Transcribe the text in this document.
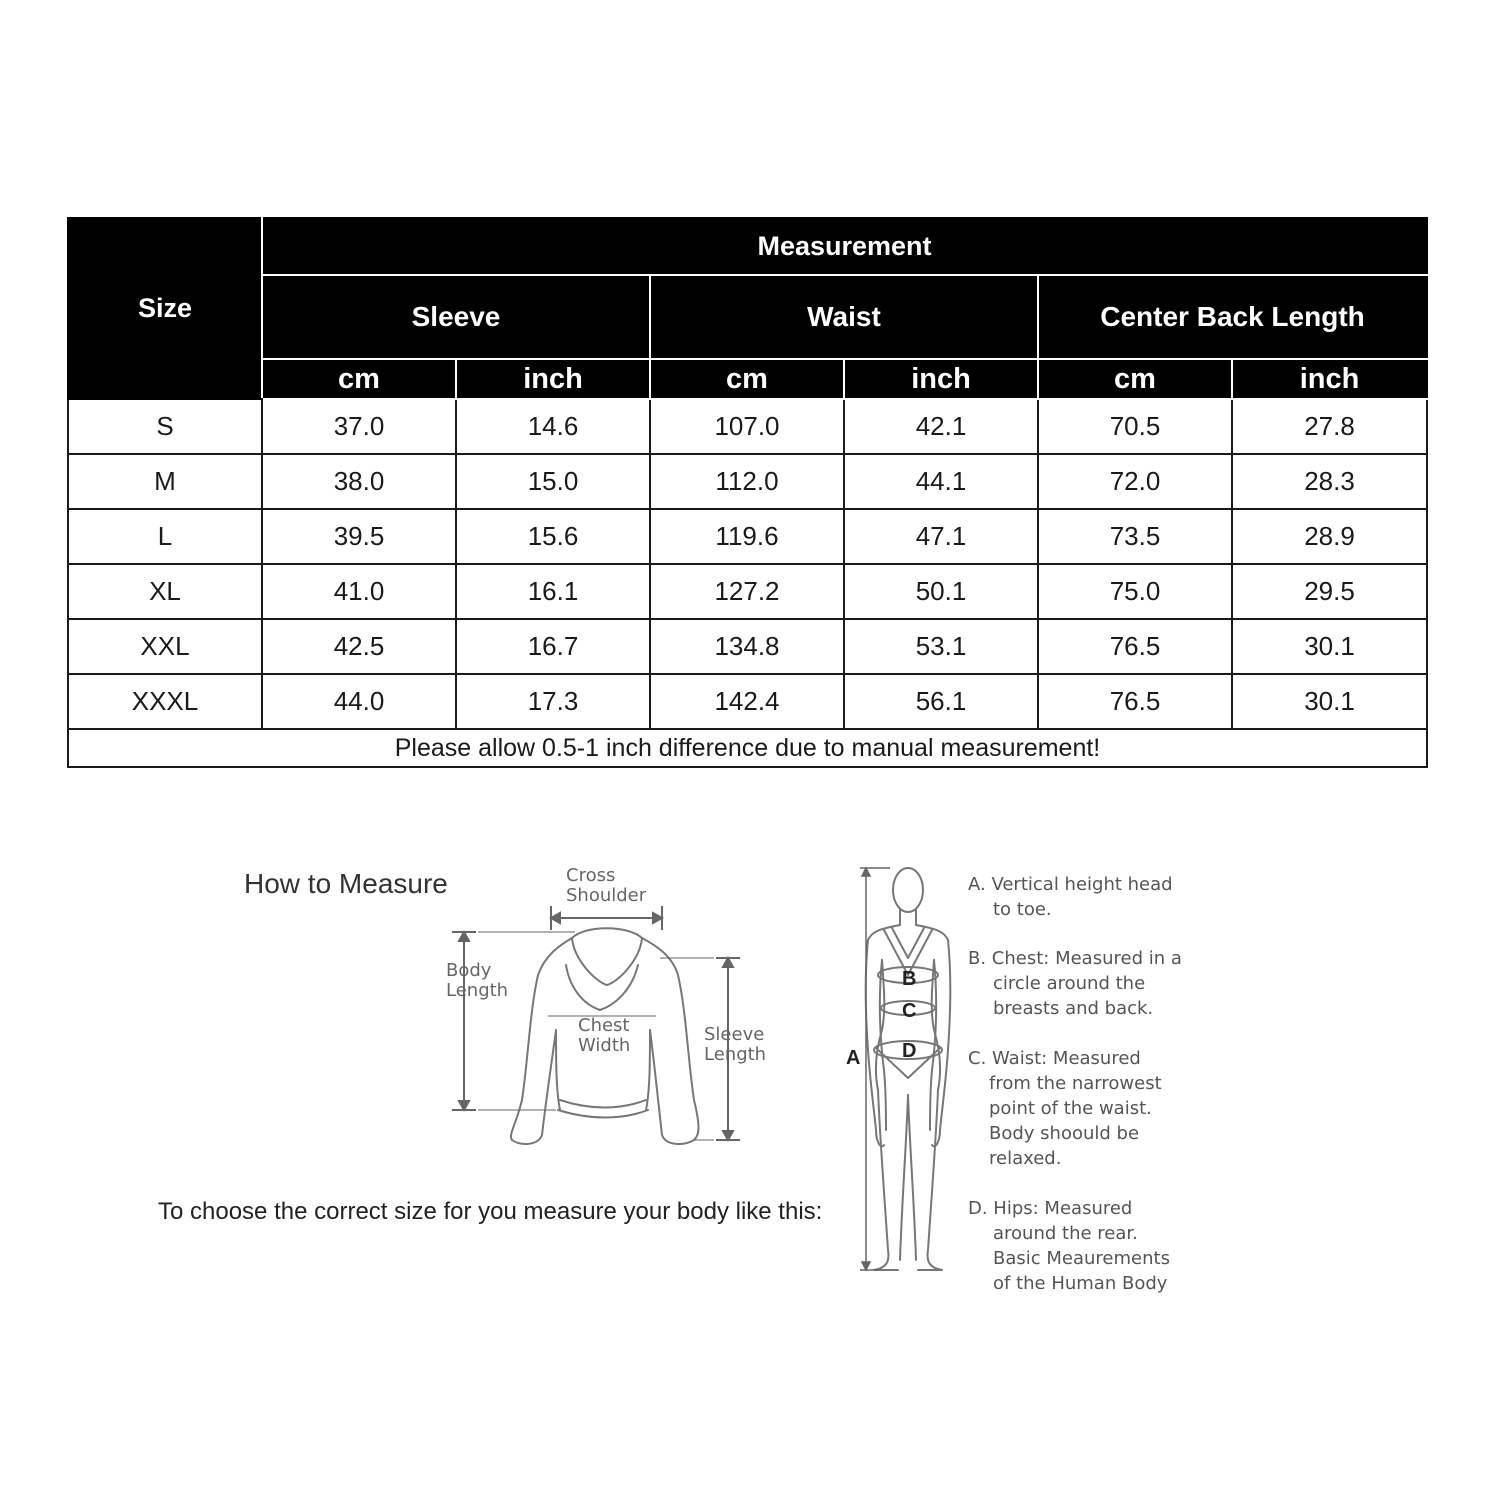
Size	Measurement					
	Sleeve		Waist		Center Back Length	
	cm	inch	cm	inch	cm	inch
S	37.0	14.6	107.0	42.1	70.5	27.8
M	38.0	15.0	112.0	44.1	72.0	28.3
L	39.5	15.6	119.6	47.1	73.5	28.9
XL	41.0	16.1	127.2	50.1	75.0	29.5
XXL	42.5	16.7	134.8	53.1	76.5	30.1
XXXL	44.0	17.3	142.4	56.1	76.5	30.1
Please allow 0.5-1 inch difference due to manual measurement!						
How to Measure
To choose the correct size for you measure your body like this:
Cross
Shoulder
Body
Length
Chest
Width
Sleeve
Length	A
B
C
D
A. Vertical height head
to toe.
B. Chest: Measured in a
circle around the
breasts and back.
C. Waist: Measured
from the narrowest
point of the waist.
Body shoould be
relaxed.
D. Hips: Measured
around the rear.
Basic Meaurements
of the Human Body
